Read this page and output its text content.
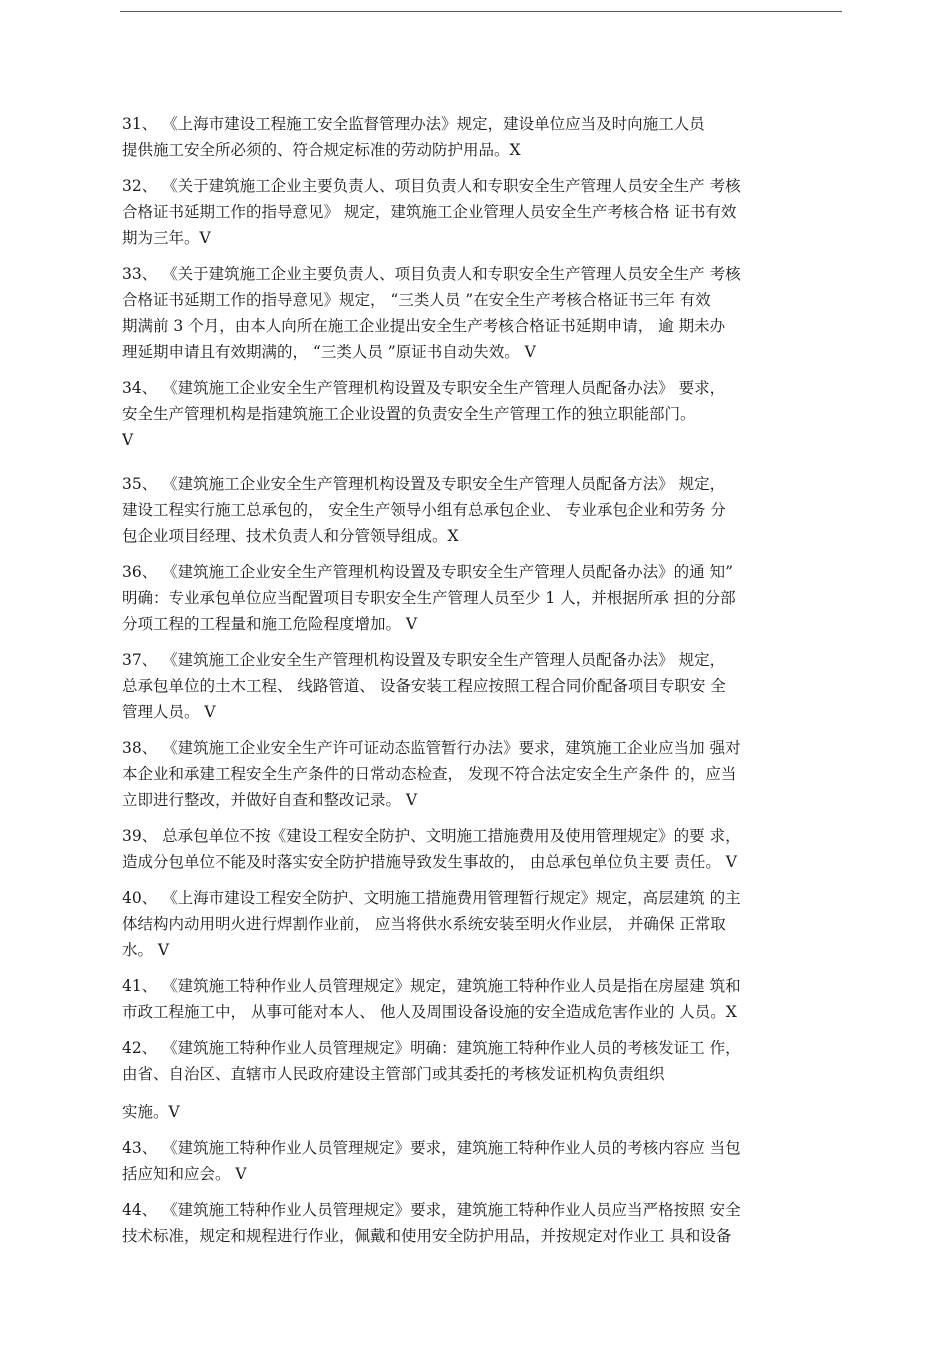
31、 《上海市建设工程施工安全监督管理办法》规定，建设单位应当及时向施工人员
提供施工安全所必须的、符合规定标准的劳动防护用品。X
32、 《关于建筑施工企业主要负责人、项目负责人和专职安全生产管理人员安全生产 考核
合格证书延期工作的指导意见》 规定，建筑施工企业管理人员安全生产考核合格 证书有效
期为三年。V
33、 《关于建筑施工企业主要负责人、项目负责人和专职安全生产管理人员安全生产 考核
合格证书延期工作的指导意见》规定， “三类人员 ”在安全生产考核合格证书三年 有效
期满前 3 个月，由本人向所在施工企业提出安全生产考核合格证书延期申请， 逾 期未办
理延期申请且有效期满的， “三类人员 ”原证书自动失效。 V
34、 《建筑施工企业安全生产管理机构设置及专职安全生产管理人员配备办法》 要求，
安全生产管理机构是指建筑施工企业设置的负责安全生产管理工作的独立职能部门。
V
35、 《建筑施工企业安全生产管理机构设置及专职安全生产管理人员配备方法》 规定，
建设工程实行施工总承包的， 安全生产领导小组有总承包企业、 专业承包企业和劳务 分
包企业项目经理、技术负责人和分管领导组成。X
36、 《建筑施工企业安全生产管理机构设置及专职安全生产管理人员配备办法》的通 知”
明确：专业承包单位应当配置项目专职安全生产管理人员至少 1 人，并根据所承 担的分部
分项工程的工程量和施工危险程度增加。 V
37、 《建筑施工企业安全生产管理机构设置及专职安全生产管理人员配备办法》 规定，
总承包单位的土木工程、 线路管道、 设备安装工程应按照工程合同价配备项目专职安 全
管理人员。 V
38、 《建筑施工企业安全生产许可证动态监管暂行办法》要求，建筑施工企业应当加 强对
本企业和承建工程安全生产条件的日常动态检查， 发现不符合法定安全生产条件 的，应当
立即进行整改，并做好自查和整改记录。 V
39、 总承包单位不按《建设工程安全防护、文明施工措施费用及使用管理规定》的要 求，
造成分包单位不能及时落实安全防护措施导致发生事故的， 由总承包单位负主要 责任。 V
40、 《上海市建设工程安全防护、文明施工措施费用管理暂行规定》规定，高层建筑 的主
体结构内动用明火进行焊割作业前， 应当将供水系统安装至明火作业层， 并确保 正常取
水。 V
41、 《建筑施工特种作业人员管理规定》规定，建筑施工特种作业人员是指在房屋建 筑和
市政工程施工中， 从事可能对本人、 他人及周围设备设施的安全造成危害作业的 人员。X
42、 《建筑施工特种作业人员管理规定》明确：建筑施工特种作业人员的考核发证工 作，
由省、自治区、直辖市人民政府建设主管部门或其委托的考核发证机构负责组织
实施。V
43、 《建筑施工特种作业人员管理规定》要求，建筑施工特种作业人员的考核内容应 当包
括应知和应会。 V
44、 《建筑施工特种作业人员管理规定》要求，建筑施工特种作业人员应当严格按照 安全
技术标准，规定和规程进行作业，佩戴和使用安全防护用品，并按规定对作业工 具和设备
